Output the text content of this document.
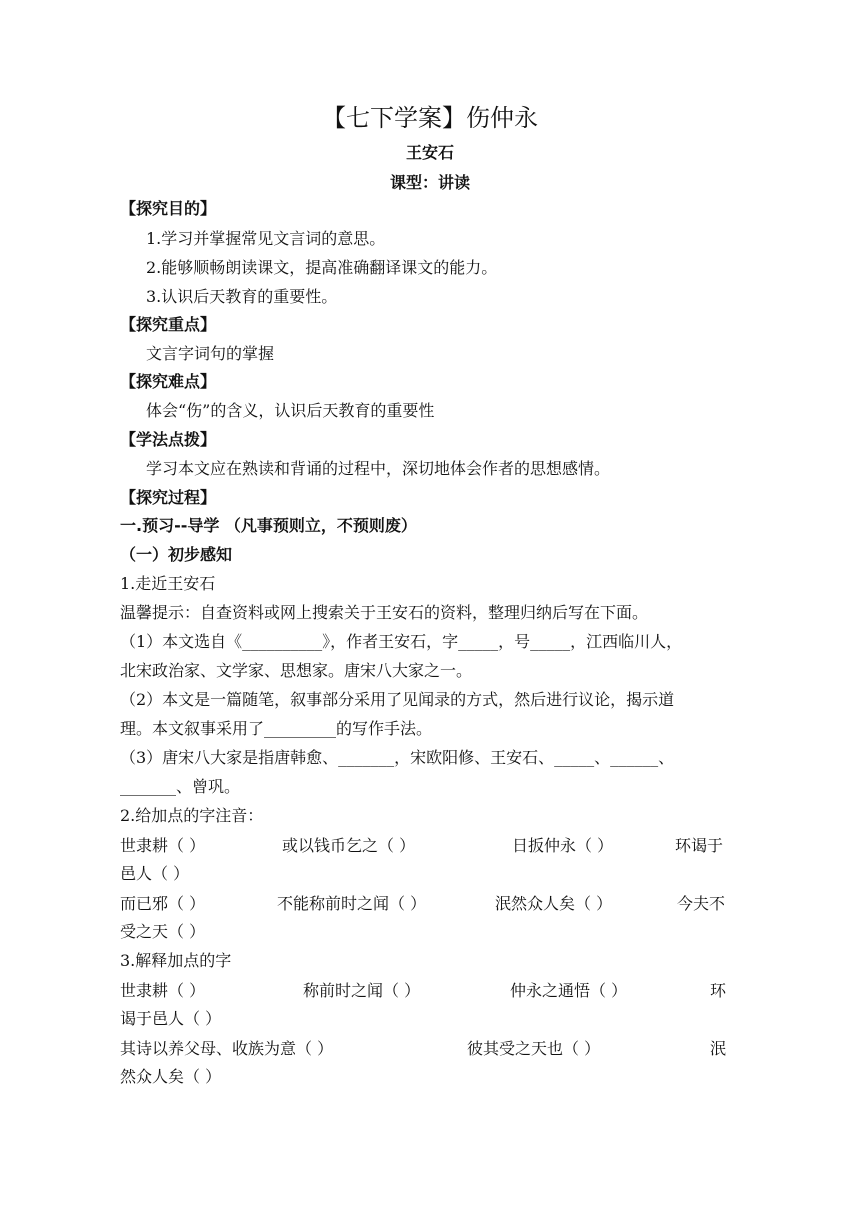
【七下学案】伤仲永
王安石
课型：讲读
【探究目的】
1.学习并掌握常见文言词的意思。
2.能够顺畅朗读课文，提高准确翻译课文的能力。
3.认识后天教育的重要性。
【探究重点】
文言字词句的掌握
【探究难点】
体会“伤”的含义，认识后天教育的重要性
【学法点拨】
学习本文应在熟读和背诵的过程中，深切地体会作者的思想感情。
【探究过程】
一.预习--导学 （凡事预则立，不预则废）
（一）初步感知
1.走近王安石
温馨提示：自查资料或网上搜索关于王安石的资料，整理归纳后写在下面。
（1）本文选自《__________》，作者王安石，字_____，号_____，江西临川人，
北宋政治家、文学家、思想家。唐宋八大家之一。
（2）本文是一篇随笔，叙事部分采用了见闻录的方式，然后进行议论，揭示道
理。本文叙事采用了_________的写作手法。
（3）唐宋八大家是指唐韩愈、_______，宋欧阳修、王安石、_____、______、
_______、曾巩。
2.给加点的字注音：
世隶耕（ ）	或以钱币乞之（ ）	日扳仲永（ ）	环谒于
邑人（ ）
而已邪（ ）	不能称前时之闻（ ）	泯然众人矣（ ）	今夫不
受之天（ ）
3.解释加点的字
世隶耕（ ）	称前时之闻（ ）	仲永之通悟（ ）	环
谒于邑人（ ）
其诗以养父母、收族为意（ ）	彼其受之天也（ ）	泯
然众人矣（ ）
